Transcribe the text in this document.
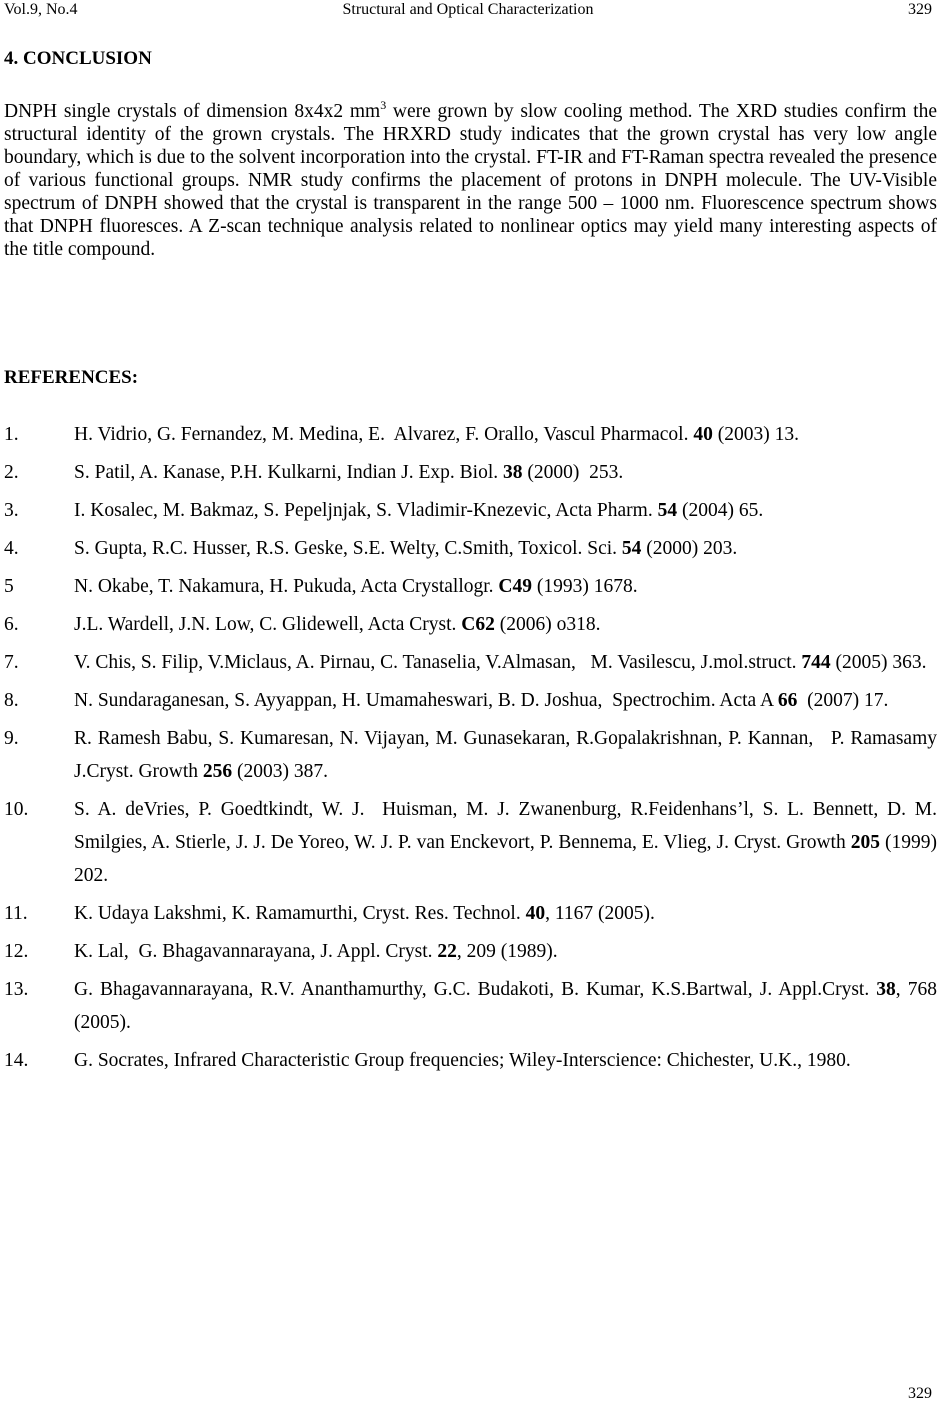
Vol.9, No.4	Structural and Optical Characterization	329
4. CONCLUSION
DNPH single crystals of dimension 8x4x2 $mm^3$ were grown by slow cooling method. The XRD studies confirm the structural identity of the grown crystals. The HRXRD study indicates that the grown crystal has very low angle boundary, which is due to the solvent incorporation into the crystal. FT-IR and FT-Raman spectra revealed the presence of various functional groups. NMR study confirms the placement of protons in DNPH molecule. The UV-Visible spectrum of DNPH showed that the crystal is transparent in the range 500 – 1000 nm. Fluorescence spectrum shows that DNPH fluoresces. A Z-scan technique analysis related to nonlinear optics may yield many interesting aspects of the title compound.
REFERENCES:
1.	H. Vidrio, G. Fernandez, M. Medina, E.  Alvarez, F. Orallo, Vascul Pharmacol. 40 (2003) 13.
2.	S. Patil, A. Kanase, P.H. Kulkarni, Indian J. Exp. Biol. 38 (2000)  253.
3.	I. Kosalec, M. Bakmaz, S. Pepeljnjak, S. Vladimir-Knezevic, Acta Pharm. 54 (2004) 65.
4.	S. Gupta, R.C. Husser, R.S. Geske, S.E. Welty, C.Smith, Toxicol. Sci. 54 (2000) 203.
5	N. Okabe, T. Nakamura, H. Pukuda, Acta Crystallogr. C49 (1993) 1678.
6.	J.L. Wardell, J.N. Low, C. Glidewell, Acta Cryst. C62 (2006) o318.
7.	V. Chis, S. Filip, V.Miclaus, A. Pirnau, C. Tanaselia, V.Almasan,   M. Vasilescu, J.mol.struct. 744 (2005) 363.
8.	N. Sundaraganesan, S. Ayyappan, H. Umamaheswari, B. D. Joshua,  Spectrochim. Acta A 66  (2007) 17.
9.	R. Ramesh Babu, S. Kumaresan, N. Vijayan, M. Gunasekaran, R.Gopalakrishnan, P. Kannan,   P. Ramasamy J.Cryst. Growth 256 (2003) 387.
10. S. A. deVries, P. Goedtkindt, W. J.  Huisman, M. J. Zwanenburg, R.Feidenhans’l, S. L. Bennett, D. M. Smilgies, A. Stierle, J. J. De Yoreo, W. J. P. van Enckevort, P. Bennema, E. Vlieg, J. Cryst. Growth 205 (1999) 202.
11. K. Udaya Lakshmi, K. Ramamurthi, Cryst. Res. Technol. 40, 1167 (2005).
12. K. Lal,  G. Bhagavannarayana, J. Appl. Cryst. 22, 209 (1989).
13. G. Bhagavannarayana, R.V. Ananthamurthy, G.C. Budakoti, B. Kumar, K.S.Bartwal, J. Appl.Cryst. 38, 768 (2005).
14. G. Socrates, Infrared Characteristic Group frequencies; Wiley-Interscience: Chichester, U.K., 1980.
329
